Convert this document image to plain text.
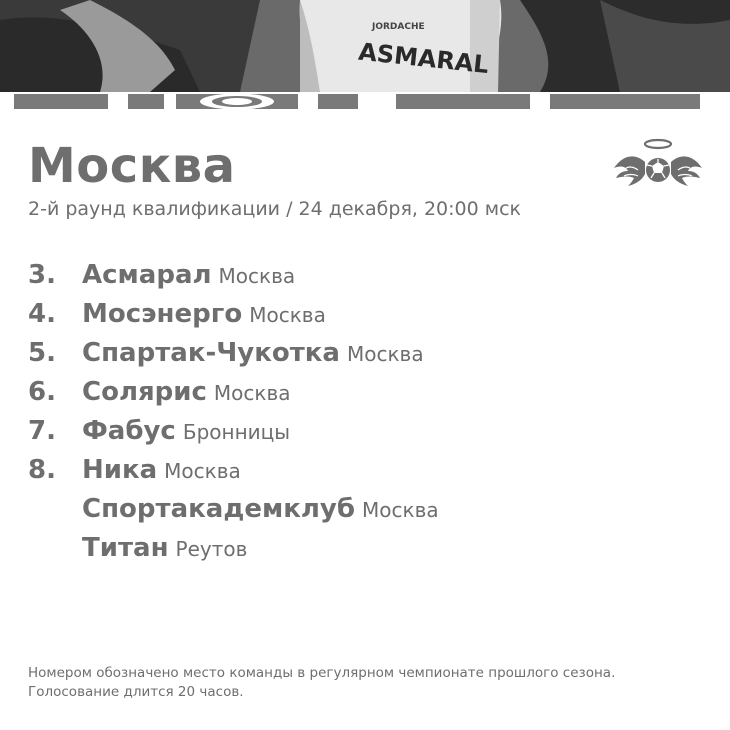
JORDACHE
ASMARAL
Москва
2-й раунд квалификации / 24 декабря, 20:00 мск
3. Асмарал Москва
4. Мосэнерго Москва
5. Спартак-Чукотка Москва
6. Солярис Москва
7. Фабус Бронницы
8. Ника Москва
Спортакадемклуб Москва
Титан Реутов
Номером обозначено место команды в регулярном чемпионате прошлого сезона.
Голосование длится 20 часов.
